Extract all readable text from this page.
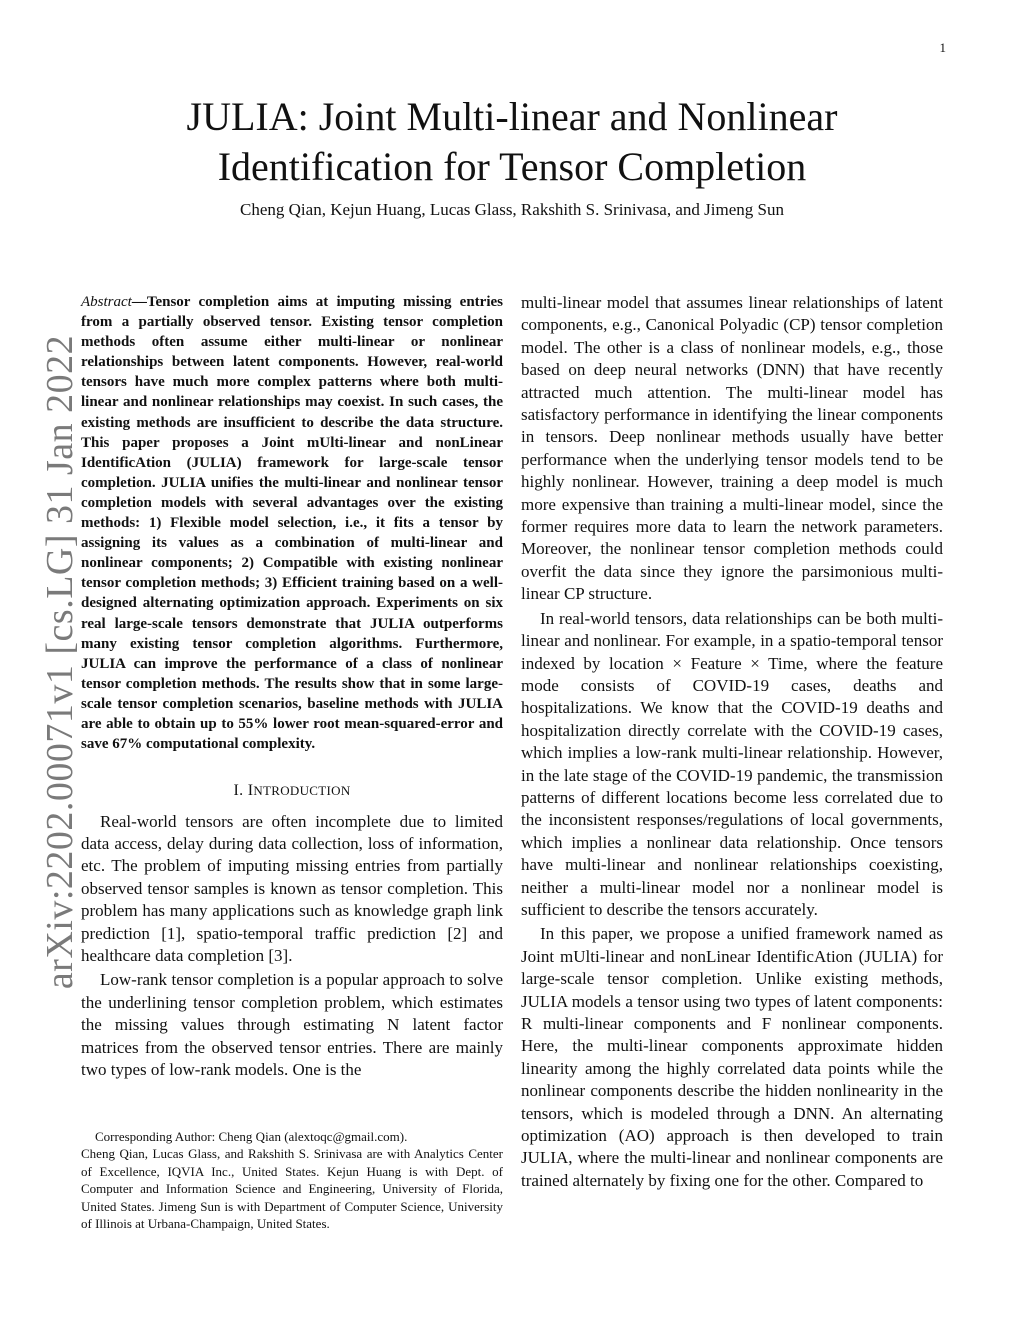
1
arXiv:2202.00071v1 [cs.LG] 31 Jan 2022
JULIA: Joint Multi-linear and Nonlinear
Identification for Tensor Completion
Cheng Qian, Kejun Huang, Lucas Glass, Rakshith S. Srinivasa, and Jimeng Sun

Abstract—Tensor completion aims at imputing missing entries from a partially observed tensor. Existing tensor completion methods often assume either multi-linear or nonlinear relationships between latent components. However, real-world tensors have much more complex patterns where both multi-linear and nonlinear relationships may coexist. In such cases, the existing methods are insufficient to describe the data structure. This paper proposes a Joint mUlti-linear and nonLinear IdentificAtion (JULIA) framework for large-scale tensor completion. JULIA unifies the multi-linear and nonlinear tensor completion models with several advantages over the existing methods: 1) Flexible model selection, i.e., it fits a tensor by assigning its values as a combination of multi-linear and nonlinear components; 2) Compatible with existing nonlinear tensor completion methods; 3) Efficient training based on a well-designed alternating optimization approach. Experiments on six real large-scale tensors demonstrate that JULIA outperforms many existing tensor completion algorithms. Furthermore, JULIA can improve the performance of a class of nonlinear tensor completion methods. The results show that in some large-scale tensor completion scenarios, baseline methods with JULIA are able to obtain up to 55% lower root mean-squared-error and save 67% computational complexity.

I. INTRODUCTION

Real-world tensors are often incomplete due to limited data access, delay during data collection, loss of information, etc. The problem of imputing missing entries from partially observed tensor samples is known as tensor completion. This problem has many applications such as knowledge graph link prediction [1], spatio-temporal traffic prediction [2] and healthcare data completion [3].

Low-rank tensor completion is a popular approach to solve the underlining tensor completion problem, which estimates the missing values through estimating N latent factor matrices from the observed tensor entries. There are mainly two types of low-rank models. One is the

Corresponding Author: Cheng Qian (alextoqc@gmail.com).

Cheng Qian, Lucas Glass, and Rakshith S. Srinivasa are with Analytics Center of Excellence, IQVIA Inc., United States. Kejun Huang is with Dept. of Computer and Information Science and Engineering, University of Florida, United States. Jimeng Sun is with Department of Computer Science, University of Illinois at Urbana-Champaign, United States.

multi-linear model that assumes linear relationships of latent components, e.g., Canonical Polyadic (CP) tensor completion model. The other is a class of nonlinear models, e.g., those based on deep neural networks (DNN) that have recently attracted much attention. The multi-linear model has satisfactory performance in identifying the linear components in tensors. Deep nonlinear methods usually have better performance when the underlying tensor models tend to be highly nonlinear. However, training a deep model is much more expensive than training a multi-linear model, since the former requires more data to learn the network parameters. Moreover, the nonlinear tensor completion methods could overfit the data since they ignore the parsimonious multi-linear CP structure.

In real-world tensors, data relationships can be both multi-linear and nonlinear. For example, in a spatio-temporal tensor indexed by location × Feature × Time, where the feature mode consists of COVID-19 cases, deaths and hospitalizations. We know that the COVID-19 deaths and hospitalization directly correlate with the COVID-19 cases, which implies a low-rank multi-linear relationship. However, in the late stage of the COVID-19 pandemic, the transmission patterns of different locations become less correlated due to the inconsistent responses/regulations of local governments, which implies a nonlinear data relationship. Once tensors have multi-linear and nonlinear relationships coexisting, neither a multi-linear model nor a nonlinear model is sufficient to describe the tensors accurately.

In this paper, we propose a unified framework named as Joint mUlti-linear and nonLinear IdentificAtion (JULIA) for large-scale tensor completion. Unlike existing methods, JULIA models a tensor using two types of latent components: R multi-linear components and F nonlinear components. Here, the multi-linear components approximate hidden linearity among the highly correlated data points while the nonlinear components describe the hidden nonlinearity in the tensors, which is modeled through a DNN. An alternating optimization (AO) approach is then developed to train JULIA, where the multi-linear and nonlinear components are trained alternately by fixing one for the other. Compared to
